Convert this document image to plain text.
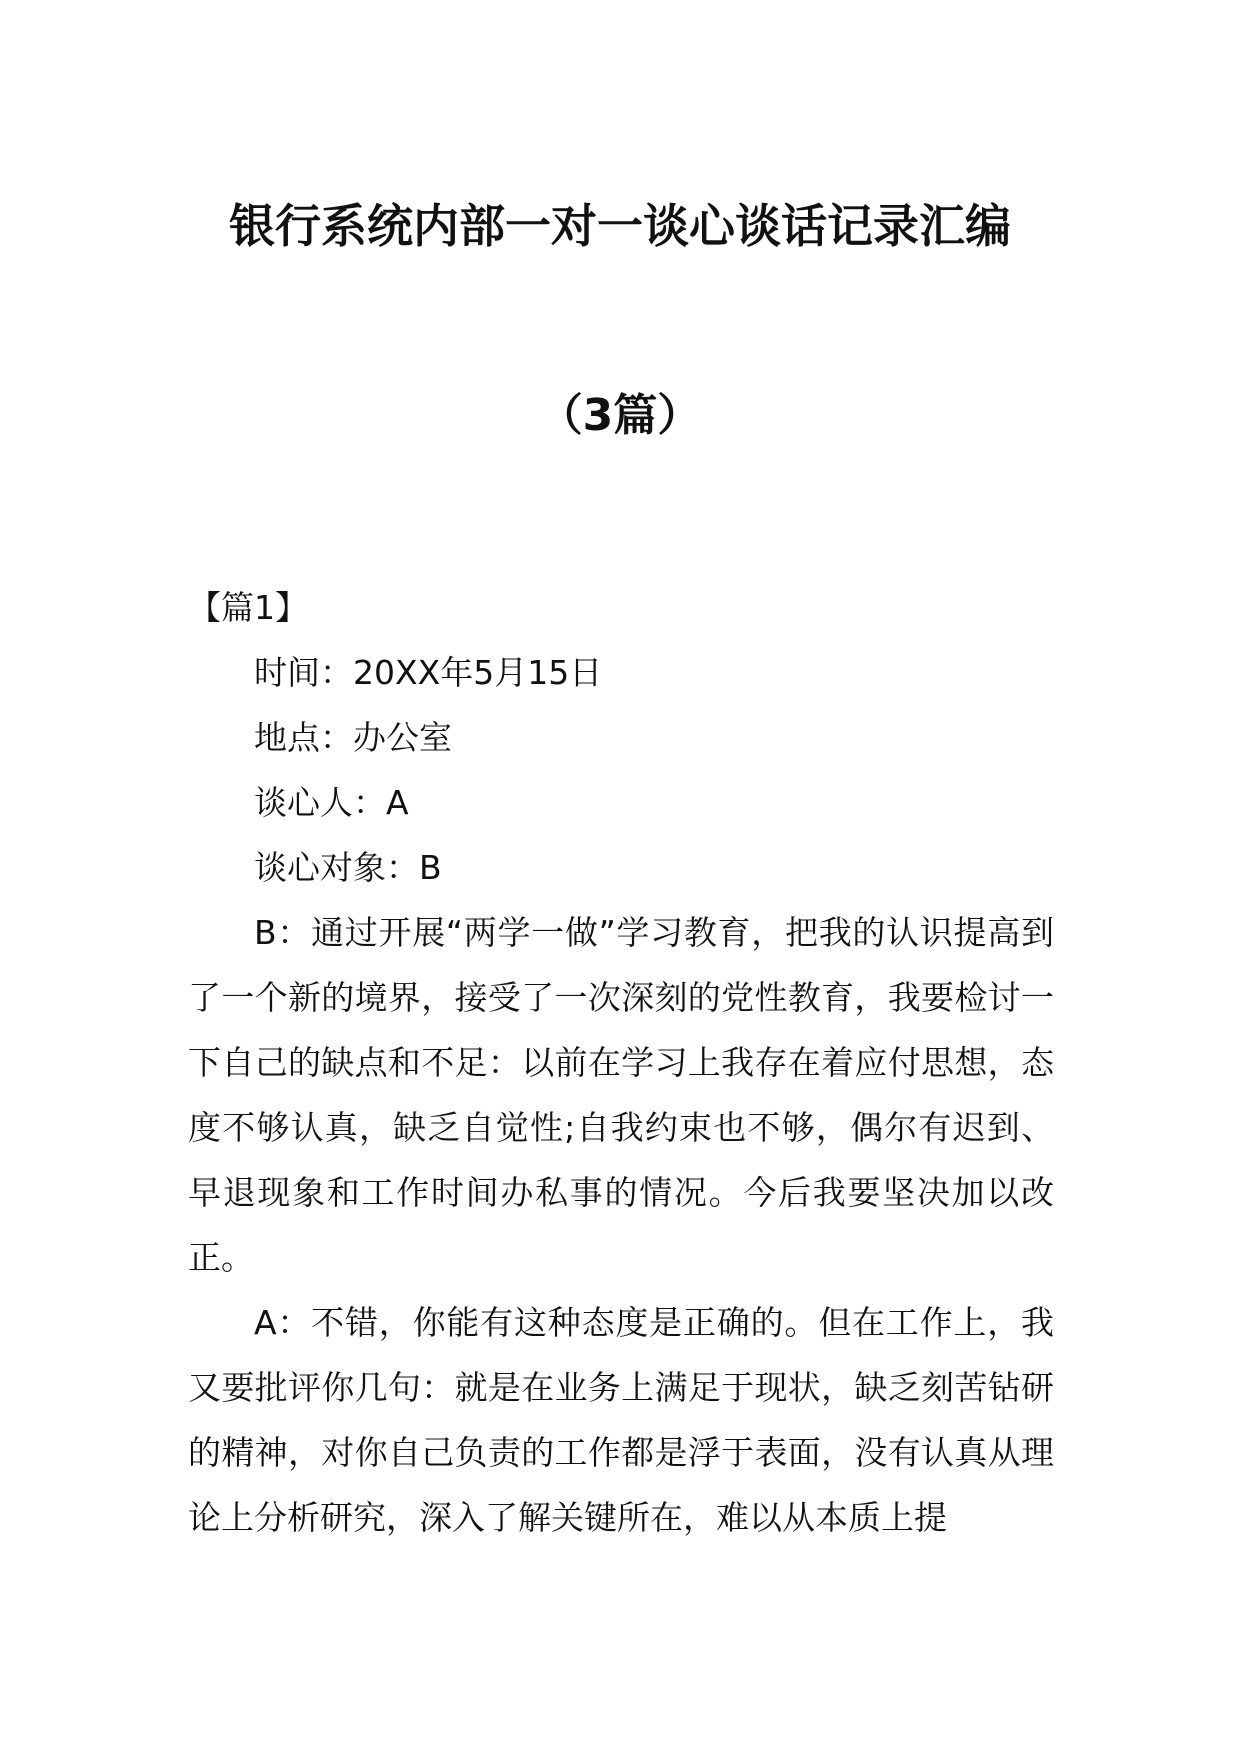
银行系统内部一对一谈心谈话记录汇编
（3篇）

【篇1】

时间：20XX年5月15日

地点：办公室

谈心人：A

谈心对象：B

B：通过开展“两学一做”学习教育，把我的认识提高到了一个新的境界，接受了一次深刻的党性教育，我要检讨一下自己的缺点和不足：以前在学习上我存在着应付思想，态度不够认真，缺乏自觉性;自我约束也不够，偶尔有迟到、早退现象和工作时间办私事的情况。今后我要坚决加以改正。

A：不错，你能有这种态度是正确的。但在工作上，我又要批评你几句：就是在业务上满足于现状，缺乏刻苦钻研的精神，对你自己负责的工作都是浮于表面，没有认真从理论上分析研究，深入了解关键所在，难以从本质上提
